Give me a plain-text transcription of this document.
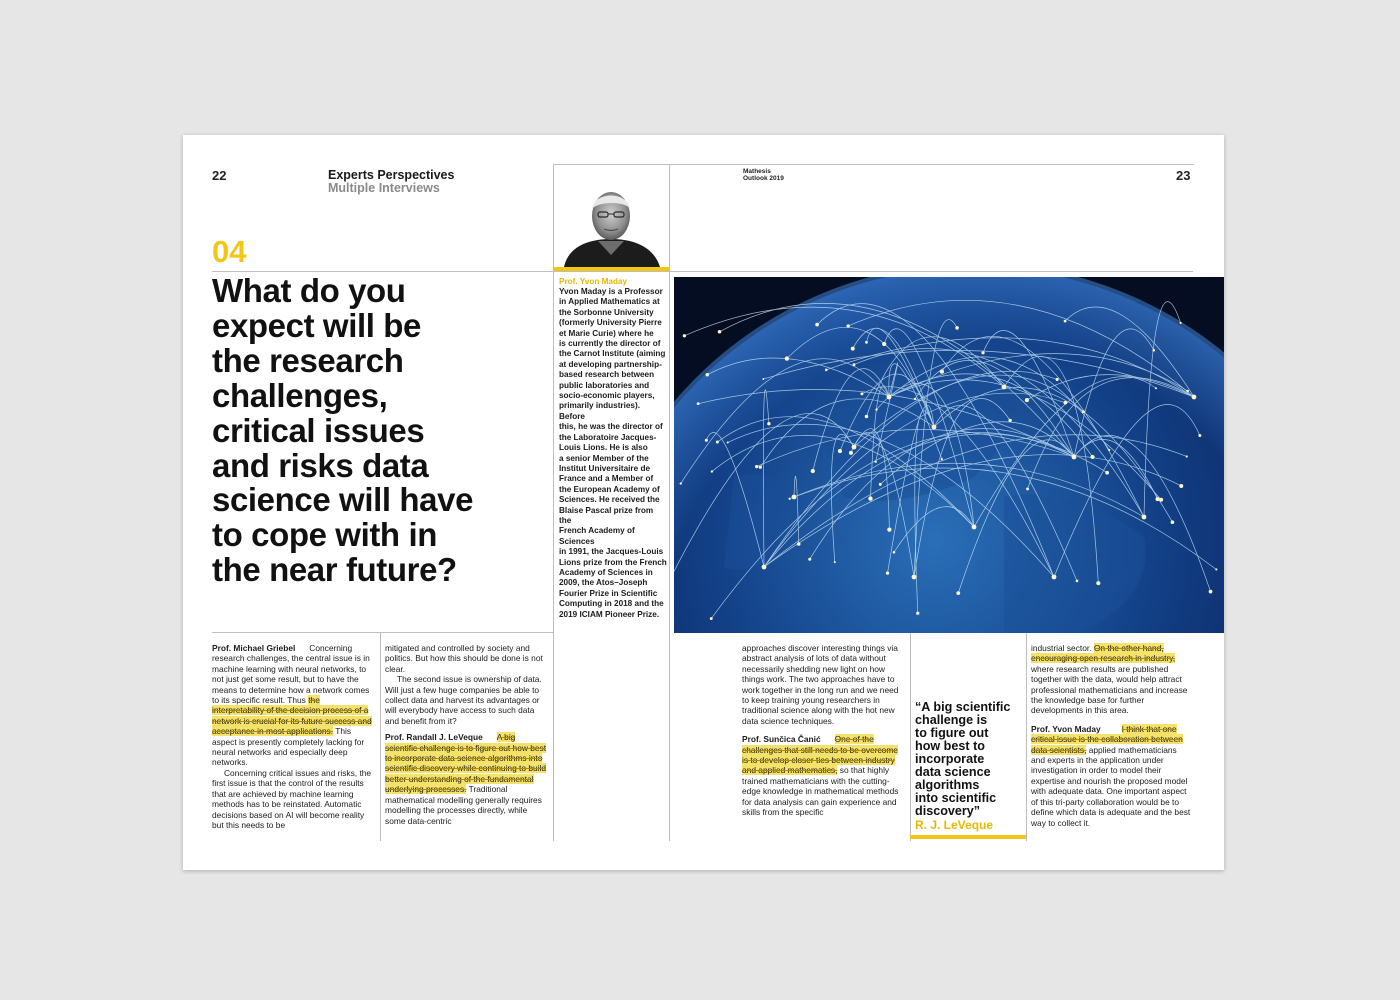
22	23
Experts Perspectives
Multiple Interviews
Mathesis
Outlook 2019
04
What do you
expect will be
the research
challenges,
critical issues
and risks data
science will have
to cope with in
the near future?
Prof. Yvon Maday
Yvon Maday is a Professor
in Applied Mathematics at
the Sorbonne University
(formerly University Pierre
et Marie Curie) where he
is currently the director of
the Carnot Institute (aiming
at developing partnership-
based research between
public laboratories and
socio-economic players,
primarily industries). Before
this, he was the director of
the Laboratoire Jacques-
Louis Lions. He is also
a senior Member of the
Institut Universitaire de
France and a Member of
the European Academy of
Sciences. He received the
Blaise Pascal prize from the
French Academy of Sciences
in 1991, the Jacques-Louis
Lions prize from the French
Academy of Sciences in
2009, the Atos–Joseph
Fourier Prize in Scientific
Computing in 2018 and the
2019 ICIAM Pioneer Prize.

Prof. Michael Griebel Concerning research challenges, the central issue is in machine learning with neural networks, to not just get some result, but to have the means to determine how a network comes to its specific result. Thus the interpretability of the decision process of a network is crucial for its future success and acceptance in most applications. This aspect is presently completely lacking for neural networks and especially deep networks.

Concerning critical issues and risks, the first issue is that the control of the results that are achieved by machine learning methods has to be reinstated. Automatic decisions based on AI will become reality but this needs to be

mitigated and controlled by society and politics. But how this should be done is not clear.

The second issue is ownership of data. Will just a few huge companies be able to collect data and harvest its advantages or will everybody have access to such data and benefit from it?

Prof. Randall J. LeVeque A big scientific challenge is to figure out how best to incorporate data science algorithms into scientific discovery while continuing to build better understanding of the fundamental underlying processes. Traditional mathematical modelling generally requires modelling the processes directly, while some data-centric

approaches discover interesting things via abstract analysis of lots of data without necessarily shedding new light on how things work. The two approaches have to work together in the long run and we need to keep training young researchers in traditional science along with the hot new data science techniques.

Prof. Sunčica Čanić One of the challenges that still needs to be overcome is to develop closer ties between industry and applied mathematics, so that highly trained mathematicians with the cutting-edge knowledge in mathematical methods for data analysis can gain experience and skills from the specific

“A big scientific
challenge is
to figure out
how best to
incorporate
data science
algorithms
into scientific
discovery”
R. J. LeVeque

industrial sector. On the other hand, encouraging open research in industry, where research results are published together with the data, would help attract professional mathematicians and increase the knowledge base for further developments in this area.

Prof. Yvon Maday I think that one critical issue is the collaboration between data scientists, applied mathematicians and experts in the application under investigation in order to model their expertise and nourish the proposed model with adequate data. One important aspect of this tri-party collaboration would be to define which data is adequate and the best way to collect it.
